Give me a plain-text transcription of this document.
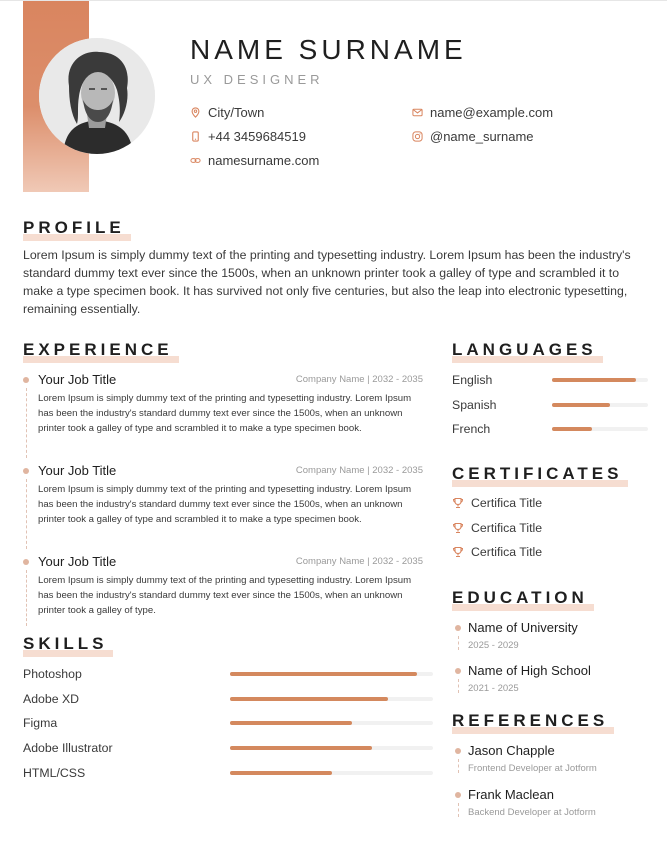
NAME SURNAME
UX DESIGNER
City/Town
+44 3459684519
namesurname.com
name@example.com
@name_surname
PROFILE
Lorem Ipsum is simply dummy text of the printing and typesetting industry. Lorem Ipsum has been the industry's standard dummy text ever since the 1500s, when an unknown printer took a galley of type and scrambled it to make a type specimen book. It has survived not only five centuries, but also the leap into electronic typesetting, remaining essentially.
EXPERIENCE
Your Job Title	Company Name | 2032 - 2035
Lorem Ipsum is simply dummy text of the printing and typesetting industry. Lorem Ipsum has been the industry's standard dummy text ever since the 1500s, when an unknown printer took a galley of type and scrambled it to make a type specimen book.
Your Job Title	Company Name | 2032 - 2035
Lorem Ipsum is simply dummy text of the printing and typesetting industry. Lorem Ipsum has been the industry's standard dummy text ever since the 1500s, when an unknown printer took a galley of type and scrambled it to make a type specimen book.
Your Job Title	Company Name | 2032 - 2035
Lorem Ipsum is simply dummy text of the printing and typesetting industry. Lorem Ipsum has been the industry's standard dummy text ever since the 1500s, when an unknown printer took a galley of type.
SKILLS
Photoshop
Adobe XD
Figma
Adobe Illustrator
HTML/CSS
LANGUAGES
English
Spanish
French
CERTIFICATES
Certifica Title
Certifica Title
Certifica Title
EDUCATION
Name of University
2025 - 2029
Name of High School
2021 - 2025
REFERENCES
Jason Chapple
Frontend Developer at Jotform
Frank Maclean
Backend Developer at Jotform
